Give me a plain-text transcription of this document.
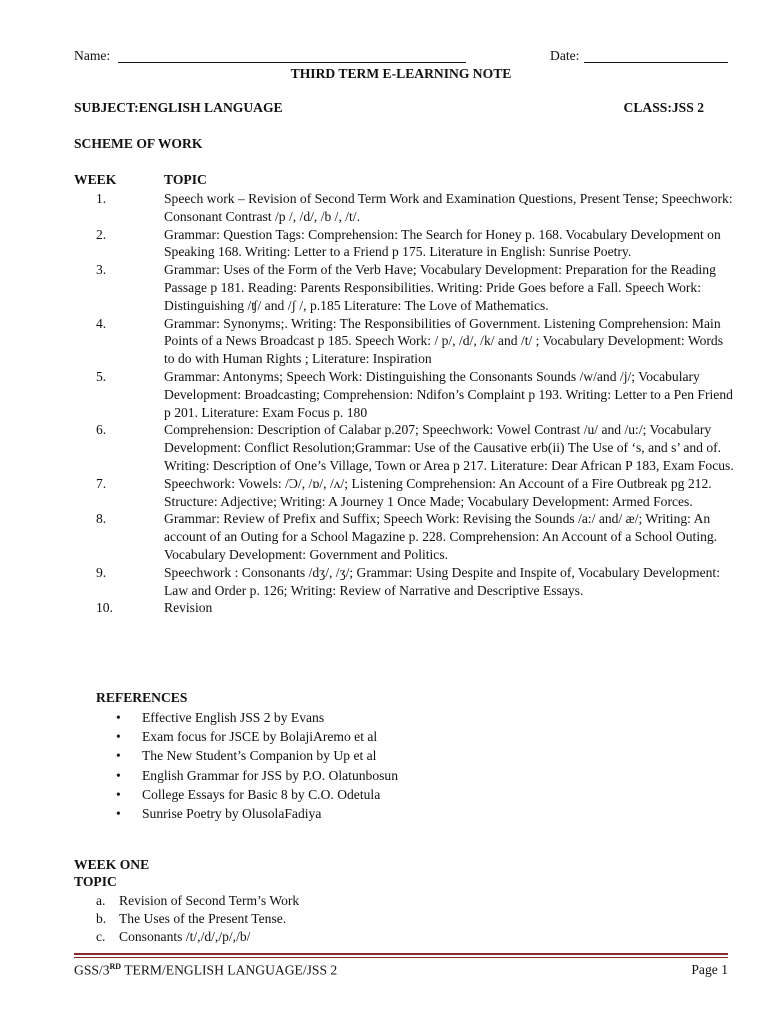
Name:	Date:
THIRD TERM E-LEARNING NOTE
SUBJECT:ENGLISH LANGUAGE	CLASS:JSS 2
SCHEME OF WORK
WEEK	TOPIC
1.	Speech work – Revision of Second Term Work and Examination Questions, Present Tense; Speechwork: Consonant Contrast /p /, /d/, /b /, /t/.
2.	Grammar: Question Tags: Comprehension: The Search for Honey p. 168. Vocabulary Development on Speaking 168. Writing: Letter to a Friend p 175. Literature in English: Sunrise Poetry.
3.	Grammar: Uses of the Form of the Verb Have; Vocabulary Development: Preparation for the Reading Passage p 181. Reading: Parents Responsibilities. Writing: Pride Goes before a Fall. Speech Work: Distinguishing /ʧ/ and /ʃ /, p.185 Literature: The Love of Mathematics.
4.	Grammar: Synonyms;. Writing: The Responsibilities of Government. Listening Comprehension: Main Points of a News Broadcast p 185. Speech Work: / p/, /d/, /k/ and /t/ ; Vocabulary Development: Words to do with Human Rights ; Literature: Inspiration
5.	Grammar: Antonyms; Speech Work: Distinguishing the Consonants Sounds /w/and /j/; Vocabulary Development: Broadcasting; Comprehension: Ndifon’s Complaint p 193. Writing: Letter to a Pen Friend p 201. Literature: Exam Focus p. 180
6.	Comprehension: Description of Calabar p.207; Speechwork: Vowel Contrast /u/ and /u:/; Vocabulary Development: Conflict Resolution;Grammar: Use of the Causative erb(ii) The Use of ‘s, and s’ and of. Writing: Description of One’s Village, Town or Area p 217. Literature: Dear African P 183, Exam Focus.
7.	Speechwork: Vowels: /Ɔ/, /ɒ/, /ʌ/; Listening Comprehension: An Account of a Fire Outbreak pg 212. Structure: Adjective; Writing: A Journey 1 Once Made; Vocabulary Development: Armed Forces.
8.	Grammar: Review of Prefix and Suffix; Speech Work: Revising the Sounds /a:/ and/ æ/; Writing: An account of an Outing for a School Magazine p. 228. Comprehension: An Account of a School Outing. Vocabulary Development: Government and Politics.
9.	Speechwork : Consonants /dʒ/, /ʒ/; Grammar: Using Despite and Inspite of, Vocabulary Development: Law and Order p. 126; Writing: Review of Narrative and Descriptive Essays.
10.	Revision
REFERENCES
• Effective English JSS 2 by Evans
• Exam focus for JSCE by BolajiAremo et al
• The New Student’s Companion by Up et al
• English Grammar for JSS by P.O. Olatunbosun
• College Essays for Basic 8 by C.O. Odetula
• Sunrise Poetry by OlusolaFadiya
WEEK ONE
TOPIC
a. Revision of Second Term’s Work
b. The Uses of the Present Tense.
c. Consonants /t/,/d/,/p/,/b/
GSS/3RD TERM/ENGLISH LANGUAGE/JSS 2	Page 1
